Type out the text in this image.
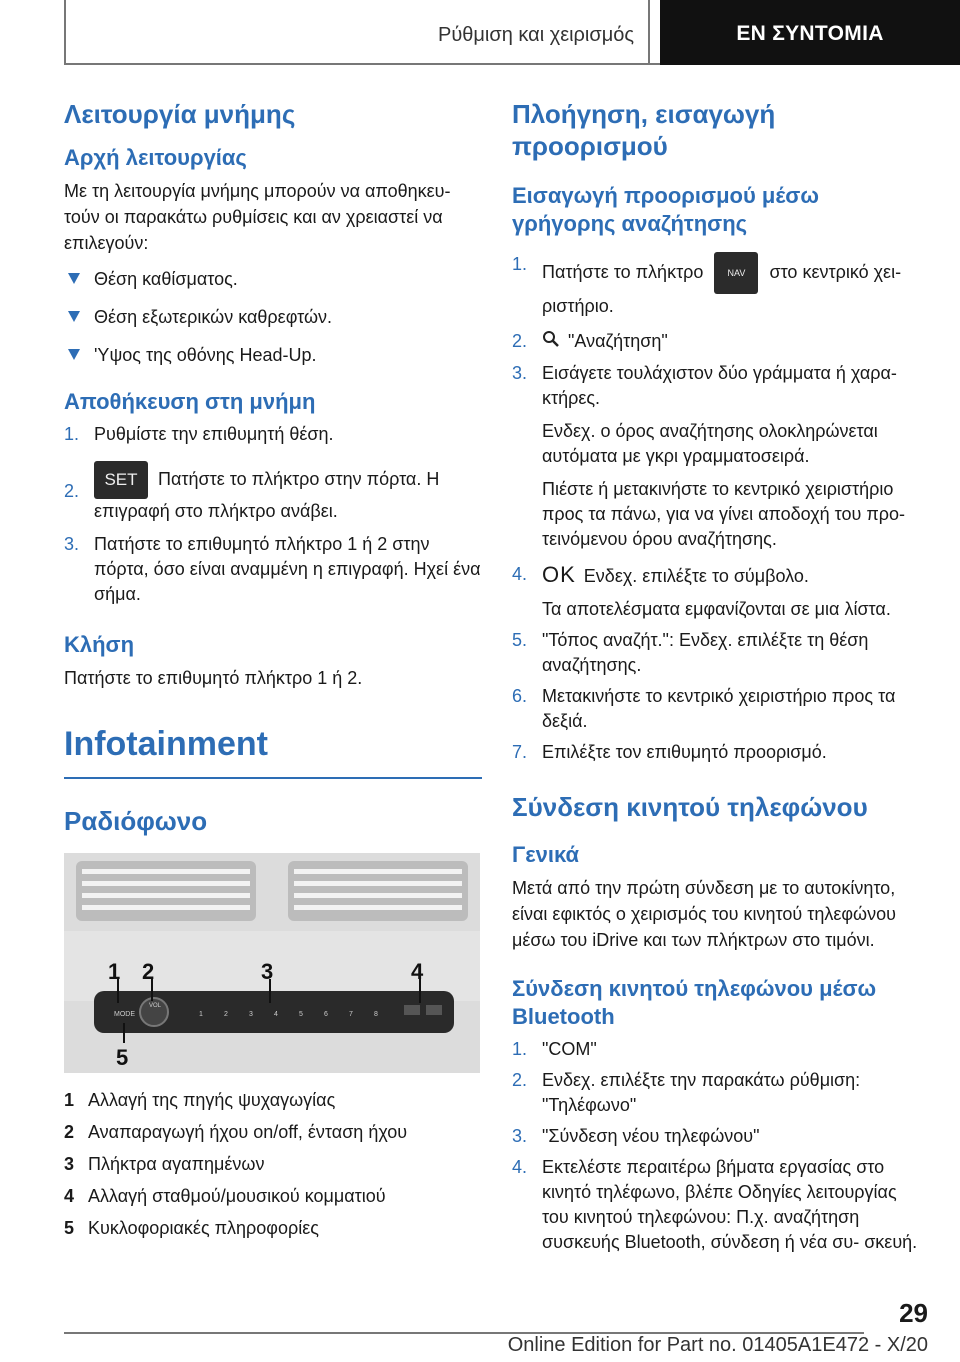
Ρύθμιση και χειρισμός	ΕΝ ΣΥΝΤΟΜΙΑ
Λειτουργία μνήμης
Αρχή λειτουργίας

Με τη λειτουργία μνήμης μπορούν να αποθηκευ- τούν οι παρακάτω ρυθμίσεις και αν χρειαστεί να επιλεγούν:

Θέση καθίσματος.
Θέση εξωτερικών καθρεφτών.
'Υψος της οθόνης Head-Up.
Αποθήκευση στη μνήμη
1. Ρυθμίστε την επιθυμητή θέση.
2.
SET Πατήστε το πλήκτρο στην πόρτα. Η επιγραφή στο πλήκτρο ανάβει.
3. Πατήστε το επιθυμητό πλήκτρο 1 ή 2 στην πόρτα, όσο είναι αναμμένη η επιγραφή. Ηχεί ένα σήμα.
Κλήση

Πατήστε το επιθυμητό πλήκτρο 1 ή 2.

Infotainment

Ραδιόφωνο
MODE
VOL
1	2	3	4	5	6	7	8
1 2	3	4
5
1 Αλλαγή της πηγής ψυχαγωγίας
2 Αναπαραγωγή ήχου on/off, ένταση ήχου
3 Πλήκτρα αγαπημένων
4 Αλλαγή σταθμού/μουσικού κομματιού
5 Κυκλοφοριακές πληροφορίες
Πλοήγηση, εισαγωγή προορισμού
Εισαγωγή προορισμού μέσω γρήγορης αναζήτησης
1. Πατήστε το πλήκτρο	NAV στο κεντρικό χει- ριστήριο.
2. "Αναζήτηση"
3. Εισάγετε τουλάχιστον δύο γράμματα ή χαρα- κτήρες.
Ενδεχ. ο όρος αναζήτησης ολοκληρώνεται αυτόματα με γκρι γραμματοσειρά.
Πιέστε ή μετακινήστε το κεντρικό χειριστήριο προς τα πάνω, για να γίνει αποδοχή του προ- τεινόμενου όρου αναζήτησης.
4. OK Ενδεχ. επιλέξτε το σύμβολο.
Τα αποτελέσματα εμφανίζονται σε μια λίστα.
5. "Τόπος αναζήτ.": Ενδεχ. επιλέξτε τη θέση αναζήτησης.
6. Μετακινήστε το κεντρικό χειριστήριο προς τα δεξιά.
7. Επιλέξτε τον επιθυμητό προορισμό.
Σύνδεση κινητού τηλεφώνου
Γενικά

Μετά από την πρώτη σύνδεση με το αυτοκίνητο, είναι εφικτός ο χειρισμός του κινητού τηλεφώνου μέσω του iDrive και των πλήκτρων στο τιμόνι.

Σύνδεση κινητού τηλεφώνου μέσω Bluetooth
1. "COM"
2. Ενδεχ. επιλέξτε την παρακάτω ρύθμιση: "Τηλέφωνο"
3. "Σύνδεση νέου τηλεφώνου"
4. Εκτελέστε περαιτέρω βήματα εργασίας στο κινητό τηλέφωνο, βλέπε Οδηγίες λειτουργίας του κινητού τηλεφώνου: Π.χ. αναζήτηση συσκευής Bluetooth, σύνδεση ή νέα συ- σκευή.
29
Online Edition for Part no. 01405A1E472 - X/20
